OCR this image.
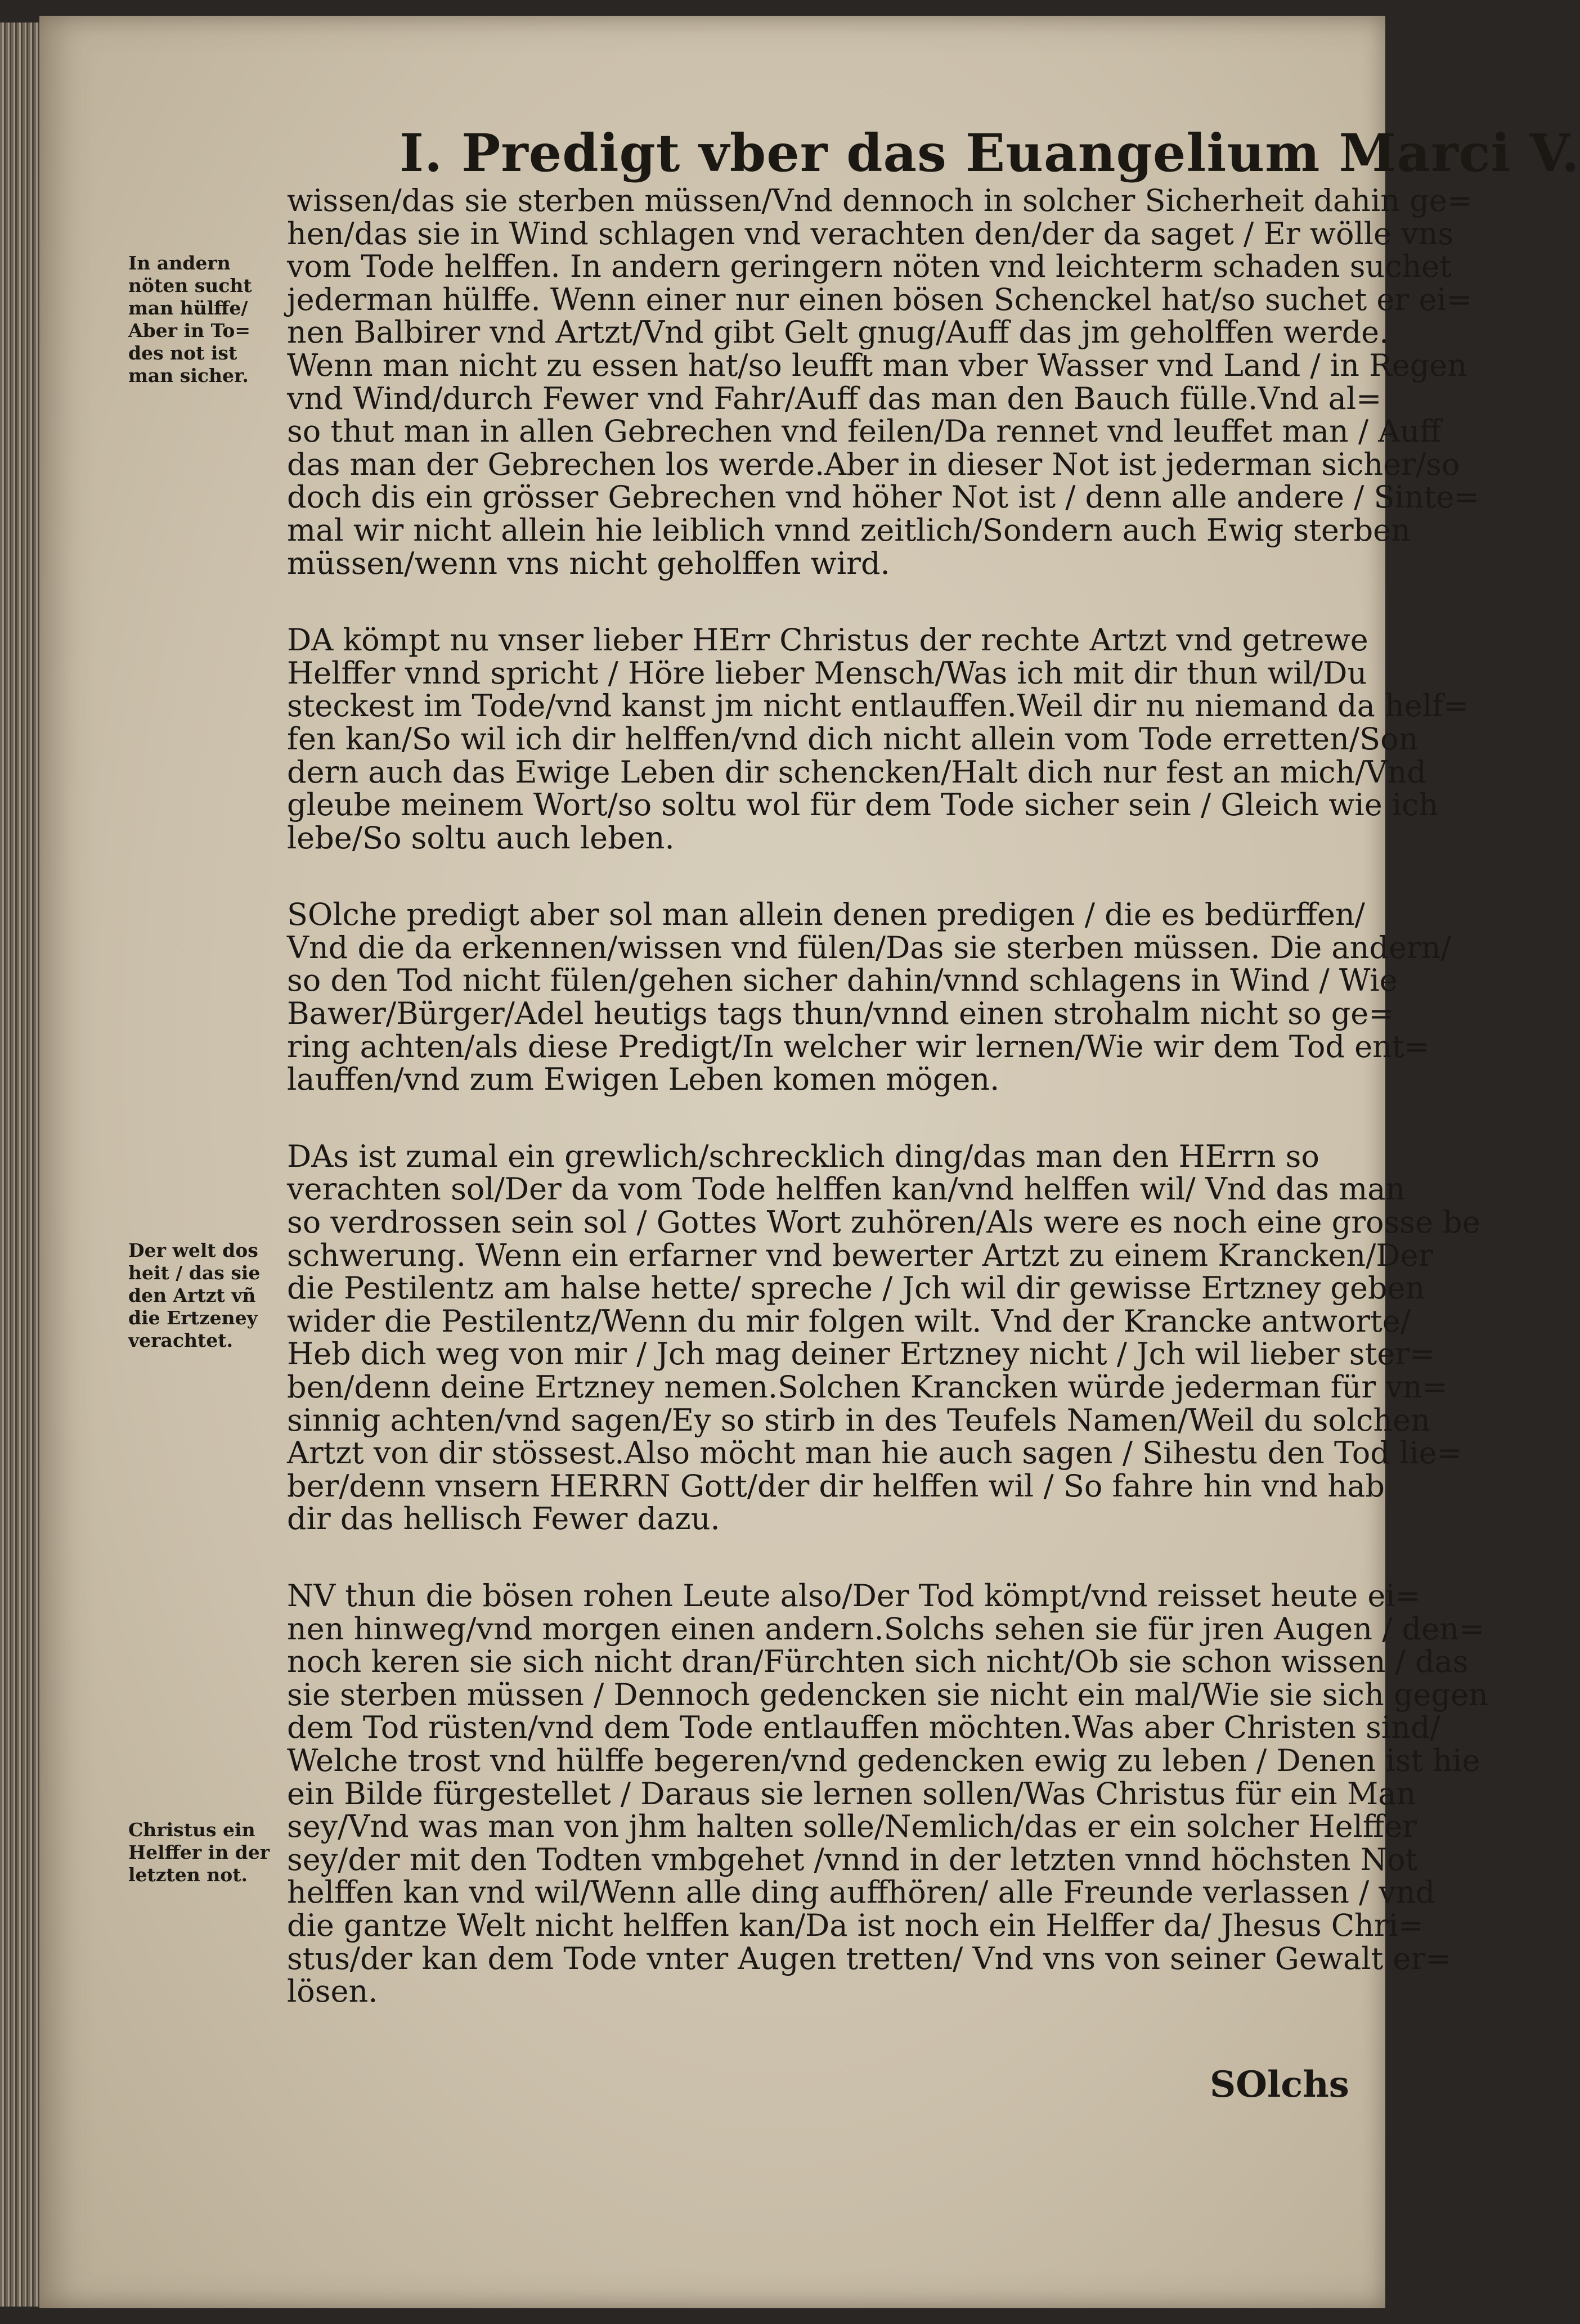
I. Predigt vber das Euangelium Marci V.

wissen/das sie sterben müssen/Vnd dennoch in solcher Sicherheit dahin ge=
hen/das sie in Wind schlagen vnd verachten den/der da saget / Er wölle vns
vom Tode helffen. In andern geringern nöten vnd leichterm schaden suchet
jederman hülffe. Wenn einer nur einen bösen Schenckel hat/so suchet er ei=
nen Balbirer vnd Artzt/Vnd gibt Gelt gnug/Auff das jm geholffen werde.
Wenn man nicht zu essen hat/so leufft man vber Wasser vnd Land / in Regen
vnd Wind/durch Fewer vnd Fahr/Auff das man den Bauch fülle.Vnd al=
so thut man in allen Gebrechen vnd feilen/Da rennet vnd leuffet man / Auff
das man der Gebrechen los werde.Aber in dieser Not ist jederman sicher/so
doch dis ein grösser Gebrechen vnd höher Not ist / denn alle andere / Sinte=
mal wir nicht allein hie leiblich vnnd zeitlich/Sondern auch Ewig sterben
müssen/wenn vns nicht geholffen wird.

DA kömpt nu vnser lieber HErr Christus der rechte Artzt vnd getrewe
Helffer vnnd spricht / Höre lieber Mensch/Was ich mit dir thun wil/Du
steckest im Tode/vnd kanst jm nicht entlauffen.Weil dir nu niemand da helf=
fen kan/So wil ich dir helffen/vnd dich nicht allein vom Tode erretten/Son
dern auch das Ewige Leben dir schencken/Halt dich nur fest an mich/Vnd
gleube meinem Wort/so soltu wol für dem Tode sicher sein / Gleich wie ich
lebe/So soltu auch leben.

SOlche predigt aber sol man allein denen predigen / die es bedürffen/
Vnd die da erkennen/wissen vnd fülen/Das sie sterben müssen. Die andern/
so den Tod nicht fülen/gehen sicher dahin/vnnd schlagens in Wind / Wie
Bawer/Bürger/Adel heutigs tags thun/vnnd einen strohalm nicht so ge=
ring achten/als diese Predigt/In welcher wir lernen/Wie wir dem Tod ent=
lauffen/vnd zum Ewigen Leben komen mögen.

DAs ist zumal ein grewlich/schrecklich ding/das man den HErrn so
verachten sol/Der da vom Tode helffen kan/vnd helffen wil/ Vnd das man
so verdrossen sein sol / Gottes Wort zuhören/Als were es noch eine grosse be
schwerung. Wenn ein erfarner vnd bewerter Artzt zu einem Krancken/Der
die Pestilentz am halse hette/ spreche / Jch wil dir gewisse Ertzney geben
wider die Pestilentz/Wenn du mir folgen wilt. Vnd der Krancke antworte/
Heb dich weg von mir / Jch mag deiner Ertzney nicht / Jch wil lieber ster=
ben/denn deine Ertzney nemen.Solchen Krancken würde jederman für vn=
sinnig achten/vnd sagen/Ey so stirb in des Teufels Namen/Weil du solchen
Artzt von dir stössest.Also möcht man hie auch sagen / Sihestu den Tod lie=
ber/denn vnsern HERRN Gott/der dir helffen wil / So fahre hin vnd hab
dir das hellisch Fewer dazu.

NV thun die bösen rohen Leute also/Der Tod kömpt/vnd reisset heute ei=
nen hinweg/vnd morgen einen andern.Solchs sehen sie für jren Augen / den=
noch keren sie sich nicht dran/Fürchten sich nicht/Ob sie schon wissen / das
sie sterben müssen / Dennoch gedencken sie nicht ein mal/Wie sie sich gegen
dem Tod rüsten/vnd dem Tode entlauffen möchten.Was aber Christen sind/
Welche trost vnd hülffe begeren/vnd gedencken ewig zu leben / Denen ist hie
ein Bilde fürgestellet / Daraus sie lernen sollen/Was Christus für ein Man
sey/Vnd was man von jhm halten solle/Nemlich/das er ein solcher Helffer
sey/der mit den Todten vmbgehet /vnnd in der letzten vnnd höchsten Not
helffen kan vnd wil/Wenn alle ding auffhören/ alle Freunde verlassen / vnd
die gantze Welt nicht helffen kan/Da ist noch ein Helffer da/ Jhesus Chri=
stus/der kan dem Tode vnter Augen tretten/ Vnd vns von seiner Gewalt er=
lösen.

In andern
nöten sucht
man hülffe/
Aber in To=
des not ist
man sicher.
Der welt dos
heit / das sie
den Artzt vñ
die Ertzeney
verachtet.
Christus ein
Helffer in der
letzten not.
SOlchs
